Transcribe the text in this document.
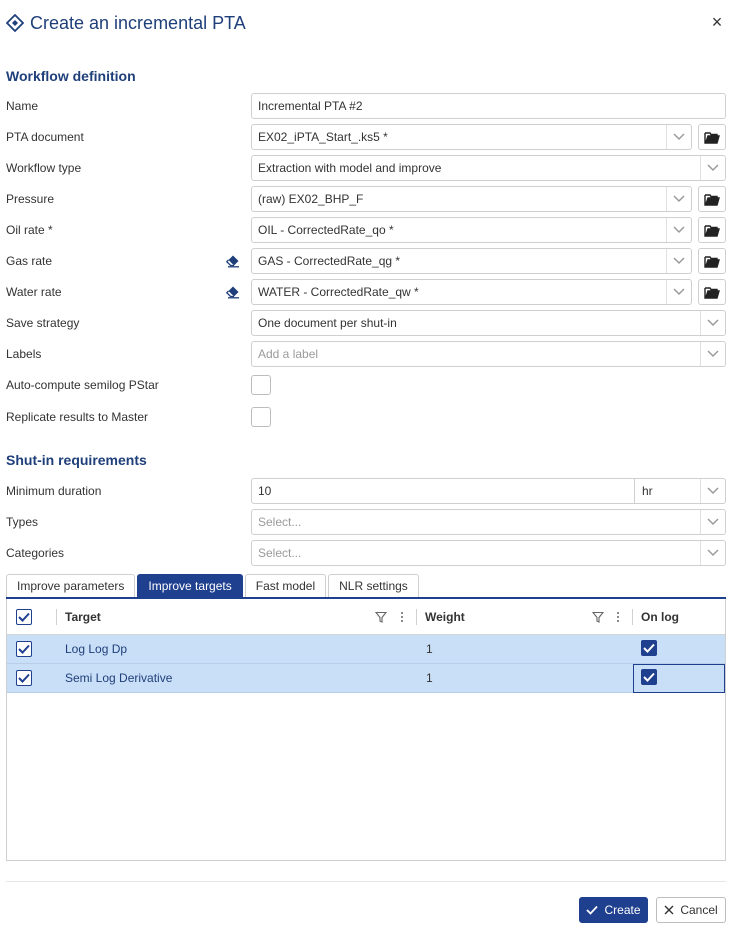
Create an incremental PTA	×
Workflow definition
Name	Incremental PTA #2
PTA document	EX02_iPTA_Start_.ks5 *
Workflow type	Extraction with model and improve
Pressure	(raw) EX02_BHP_F
Oil rate *	OIL - CorrectedRate_qo *
Gas rate	GAS - CorrectedRate_qg *
Water rate	WATER - CorrectedRate_qw *
Save strategy	One document per shut-in
Labels	Add a label
Auto-compute semilog PStar
Replicate results to Master
Shut-in requirements
Minimum duration	10	hr
Types	Select...
Categories	Select...
Improve parameters	Improve targets	Fast model	NLR settings
Target	Weight	On log
Log Log Dp	1
Semi Log Derivative	1
Create	Cancel
